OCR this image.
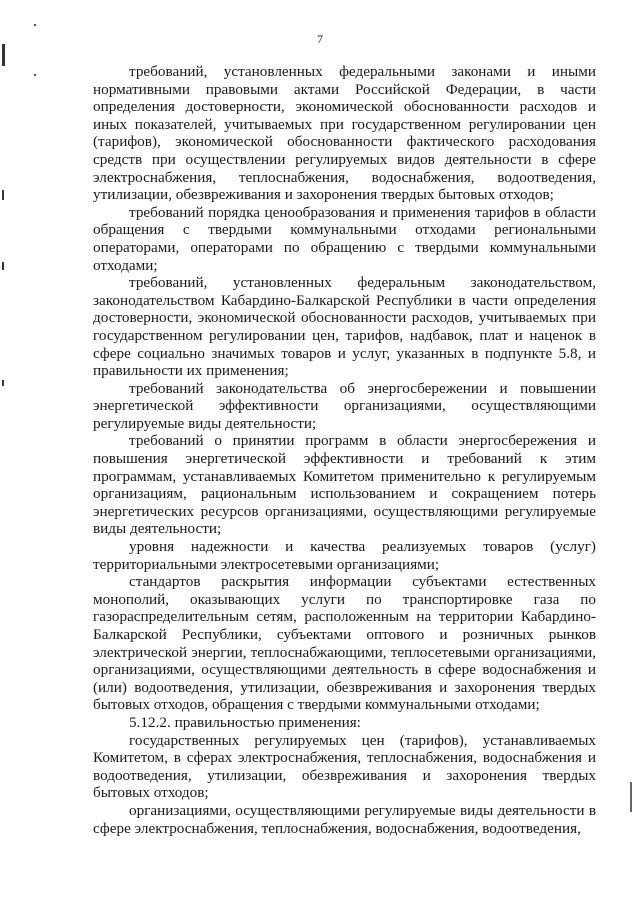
7

требований, установленных федеральными законами и иными нормативными правовыми актами Российской Федерации, в части определения достоверности, экономической обоснованности расходов и иных показателей, учитываемых при государственном регулировании цен (тарифов), экономической обоснованности фактического расходования средств при осуществлении регулируемых видов деятельности в сфере электроснабжения, теплоснабжения, водоснабжения, водоотведения, утилизации, обезвреживания и захоронения твердых бытовых отходов;

требований порядка ценообразования и применения тарифов в области обращения с твердыми коммунальными отходами региональными операторами, операторами по обращению с твердыми коммунальными отходами;

требований, установленных федеральным законодательством, законодательством Кабардино-Балкарской Республики в части определения достоверности, экономической обоснованности расходов, учитываемых при государственном регулировании цен, тарифов, надбавок, плат и наценок в сфере социально значимых товаров и услуг, указанных в подпункте 5.8, и правильности их применения;

требований законодательства об энергосбережении и повышении энергетической эффективности организациями, осуществляющими регулируемые виды деятельности;

требований о принятии программ в области энергосбережения и повышения энергетической эффективности и требований к этим программам, устанавливаемых Комитетом применительно к регулируемым организациям, рациональным использованием и сокращением потерь энергетических ресурсов организациями, осуществляющими регулируемые виды деятельности;

уровня надежности и качества реализуемых товаров (услуг) территориальными электросетевыми организациями;

стандартов раскрытия информации субъектами естественных монополий, оказывающих услуги по транспортировке газа по газораспределительным сетям, расположенным на территории Кабардино-Балкарской Республики, субъектами оптового и розничных рынков электрической энергии, теплоснабжающими, теплосетевыми организациями, организациями, осуществляющими деятельность в сфере водоснабжения и (или) водоотведения, утилизации, обезвреживания и захоронения твердых бытовых отходов, обращения с твердыми коммунальными отходами;

5.12.2. правильностью применения:

государственных регулируемых цен (тарифов), устанавливаемых Комитетом, в сферах электроснабжения, теплоснабжения, водоснабжения и водоотведения, утилизации, обезвреживания и захоронения твердых бытовых отходов;

организациями, осуществляющими регулируемые виды деятельности в сфере электроснабжения, теплоснабжения, водоснабжения, водоотведения,
